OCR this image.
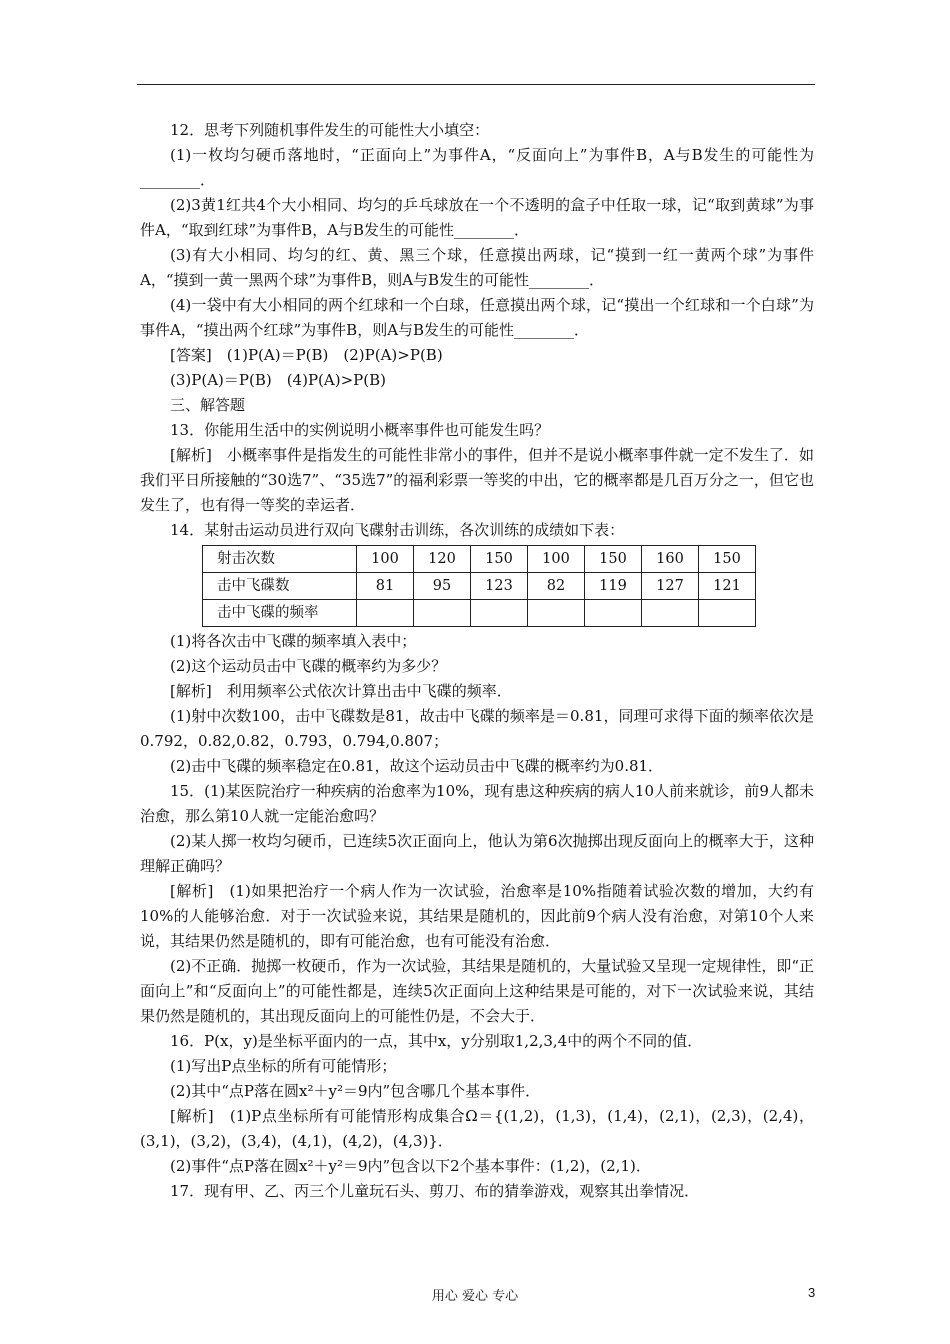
12．思考下列随机事件发生的可能性大小填空：

(1)一枚均匀硬币落地时，“正面向上”为事件A，“反面向上”为事件B，A与B发生的可能性为________．

(2)3黄1红共4个大小相同、均匀的乒乓球放在一个不透明的盒子中任取一球，记“取到黄球”为事件A，“取到红球”为事件B，A与B发生的可能性________．

(3)有大小相同、均匀的红、黄、黑三个球，任意摸出两球，记“摸到一红一黄两个球”为事件A，“摸到一黄一黑两个球”为事件B，则A与B发生的可能性________．

(4)一袋中有大小相同的两个红球和一个白球，任意摸出两个球，记“摸出一个红球和一个白球”为事件A，“摸出两个红球”为事件B，则A与B发生的可能性________．

[答案]　(1)P(A)＝P(B)　(2)P(A)>P(B)

(3)P(A)＝P(B)　(4)P(A)>P(B)

三、解答题

13．你能用生活中的实例说明小概率事件也可能发生吗？

[解析]　小概率事件是指发生的可能性非常小的事件，但并不是说小概率事件就一定不发生了．如我们平日所接触的“30选7”、“35选7”的福利彩票一等奖的中出，它的概率都是几百万分之一，但它也发生了，也有得一等奖的幸运者．

14．某射击运动员进行双向飞碟射击训练，各次训练的成绩如下表：

射击次数	100	120	150	100	150	160	150
击中飞碟数	81	95	123	82	119	127	121
击中飞碟的频率							

(1)将各次击中飞碟的频率填入表中；

(2)这个运动员击中飞碟的概率约为多少？

[解析]　利用频率公式依次计算出击中飞碟的频率．

(1)射中次数100，击中飞碟数是81，故击中飞碟的频率是＝0.81，同理可求得下面的频率依次是0.792，0.82,0.82，0.793，0.794,0.807；

(2)击中飞碟的频率稳定在0.81，故这个运动员击中飞碟的概率约为0.81．

15．(1)某医院治疗一种疾病的治愈率为10%，现有患这种疾病的病人10人前来就诊，前9人都未治愈，那么第10人就一定能治愈吗？

(2)某人掷一枚均匀硬币，已连续5次正面向上，他认为第6次抛掷出现反面向上的概率大于，这种理解正确吗？

[解析]　(1)如果把治疗一个病人作为一次试验，治愈率是10%指随着试验次数的增加，大约有10%的人能够治愈．对于一次试验来说，其结果是随机的，因此前9个病人没有治愈，对第10个人来说，其结果仍然是随机的，即有可能治愈，也有可能没有治愈．

(2)不正确．抛掷一枚硬币，作为一次试验，其结果是随机的，大量试验又呈现一定规律性，即“正面向上”和“反面向上”的可能性都是，连续5次正面向上这种结果是可能的，对下一次试验来说，其结果仍然是随机的，其出现反面向上的可能性仍是，不会大于．

16．P(x，y)是坐标平面内的一点，其中x，y分别取1,2,3,4中的两个不同的值．

(1)写出P点坐标的所有可能情形；

(2)其中“点P落在圆x²＋y²＝9内”包含哪几个基本事件．

[解析]　(1)P点坐标所有可能情形构成集合Ω＝{(1,2)，(1,3)，(1,4)，(2,1)，(2,3)，(2,4)，(3,1)，(3,2)，(3,4)，(4,1)，(4,2)，(4,3)}．

(2)事件“点P落在圆x²＋y²＝9内”包含以下2个基本事件：(1,2)，(2,1)．

17．现有甲、乙、丙三个儿童玩石头、剪刀、布的猜拳游戏，观察其出拳情况．

用心 爱心 专心	3
